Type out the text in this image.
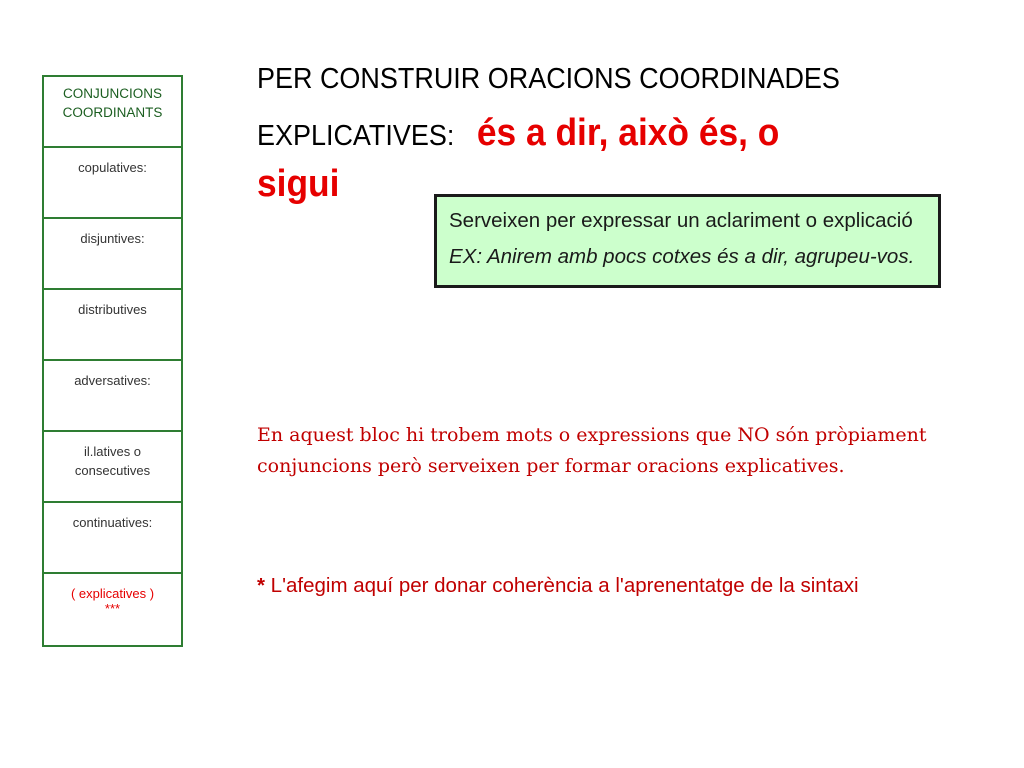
CONJUNCIONS
COORDINANTS
copulatives:
disjuntives:
distributives
adversatives:
il.latives o
consecutives
continuatives:
( explicatives )
***
PER CONSTRUIR ORACIONS COORDINADES
EXPLICATIVES: és a dir, això és, o
sigui
Serveixen per expressar un aclariment o explicació
EX: Anirem amb pocs cotxes és a dir, agrupeu-vos.
En aquest bloc hi trobem mots o expressions que NO són pròpiament conjuncions però serveixen per formar oracions explicatives.
* L'afegim aquí per donar coherència a l'aprenentatge de la sintaxi
